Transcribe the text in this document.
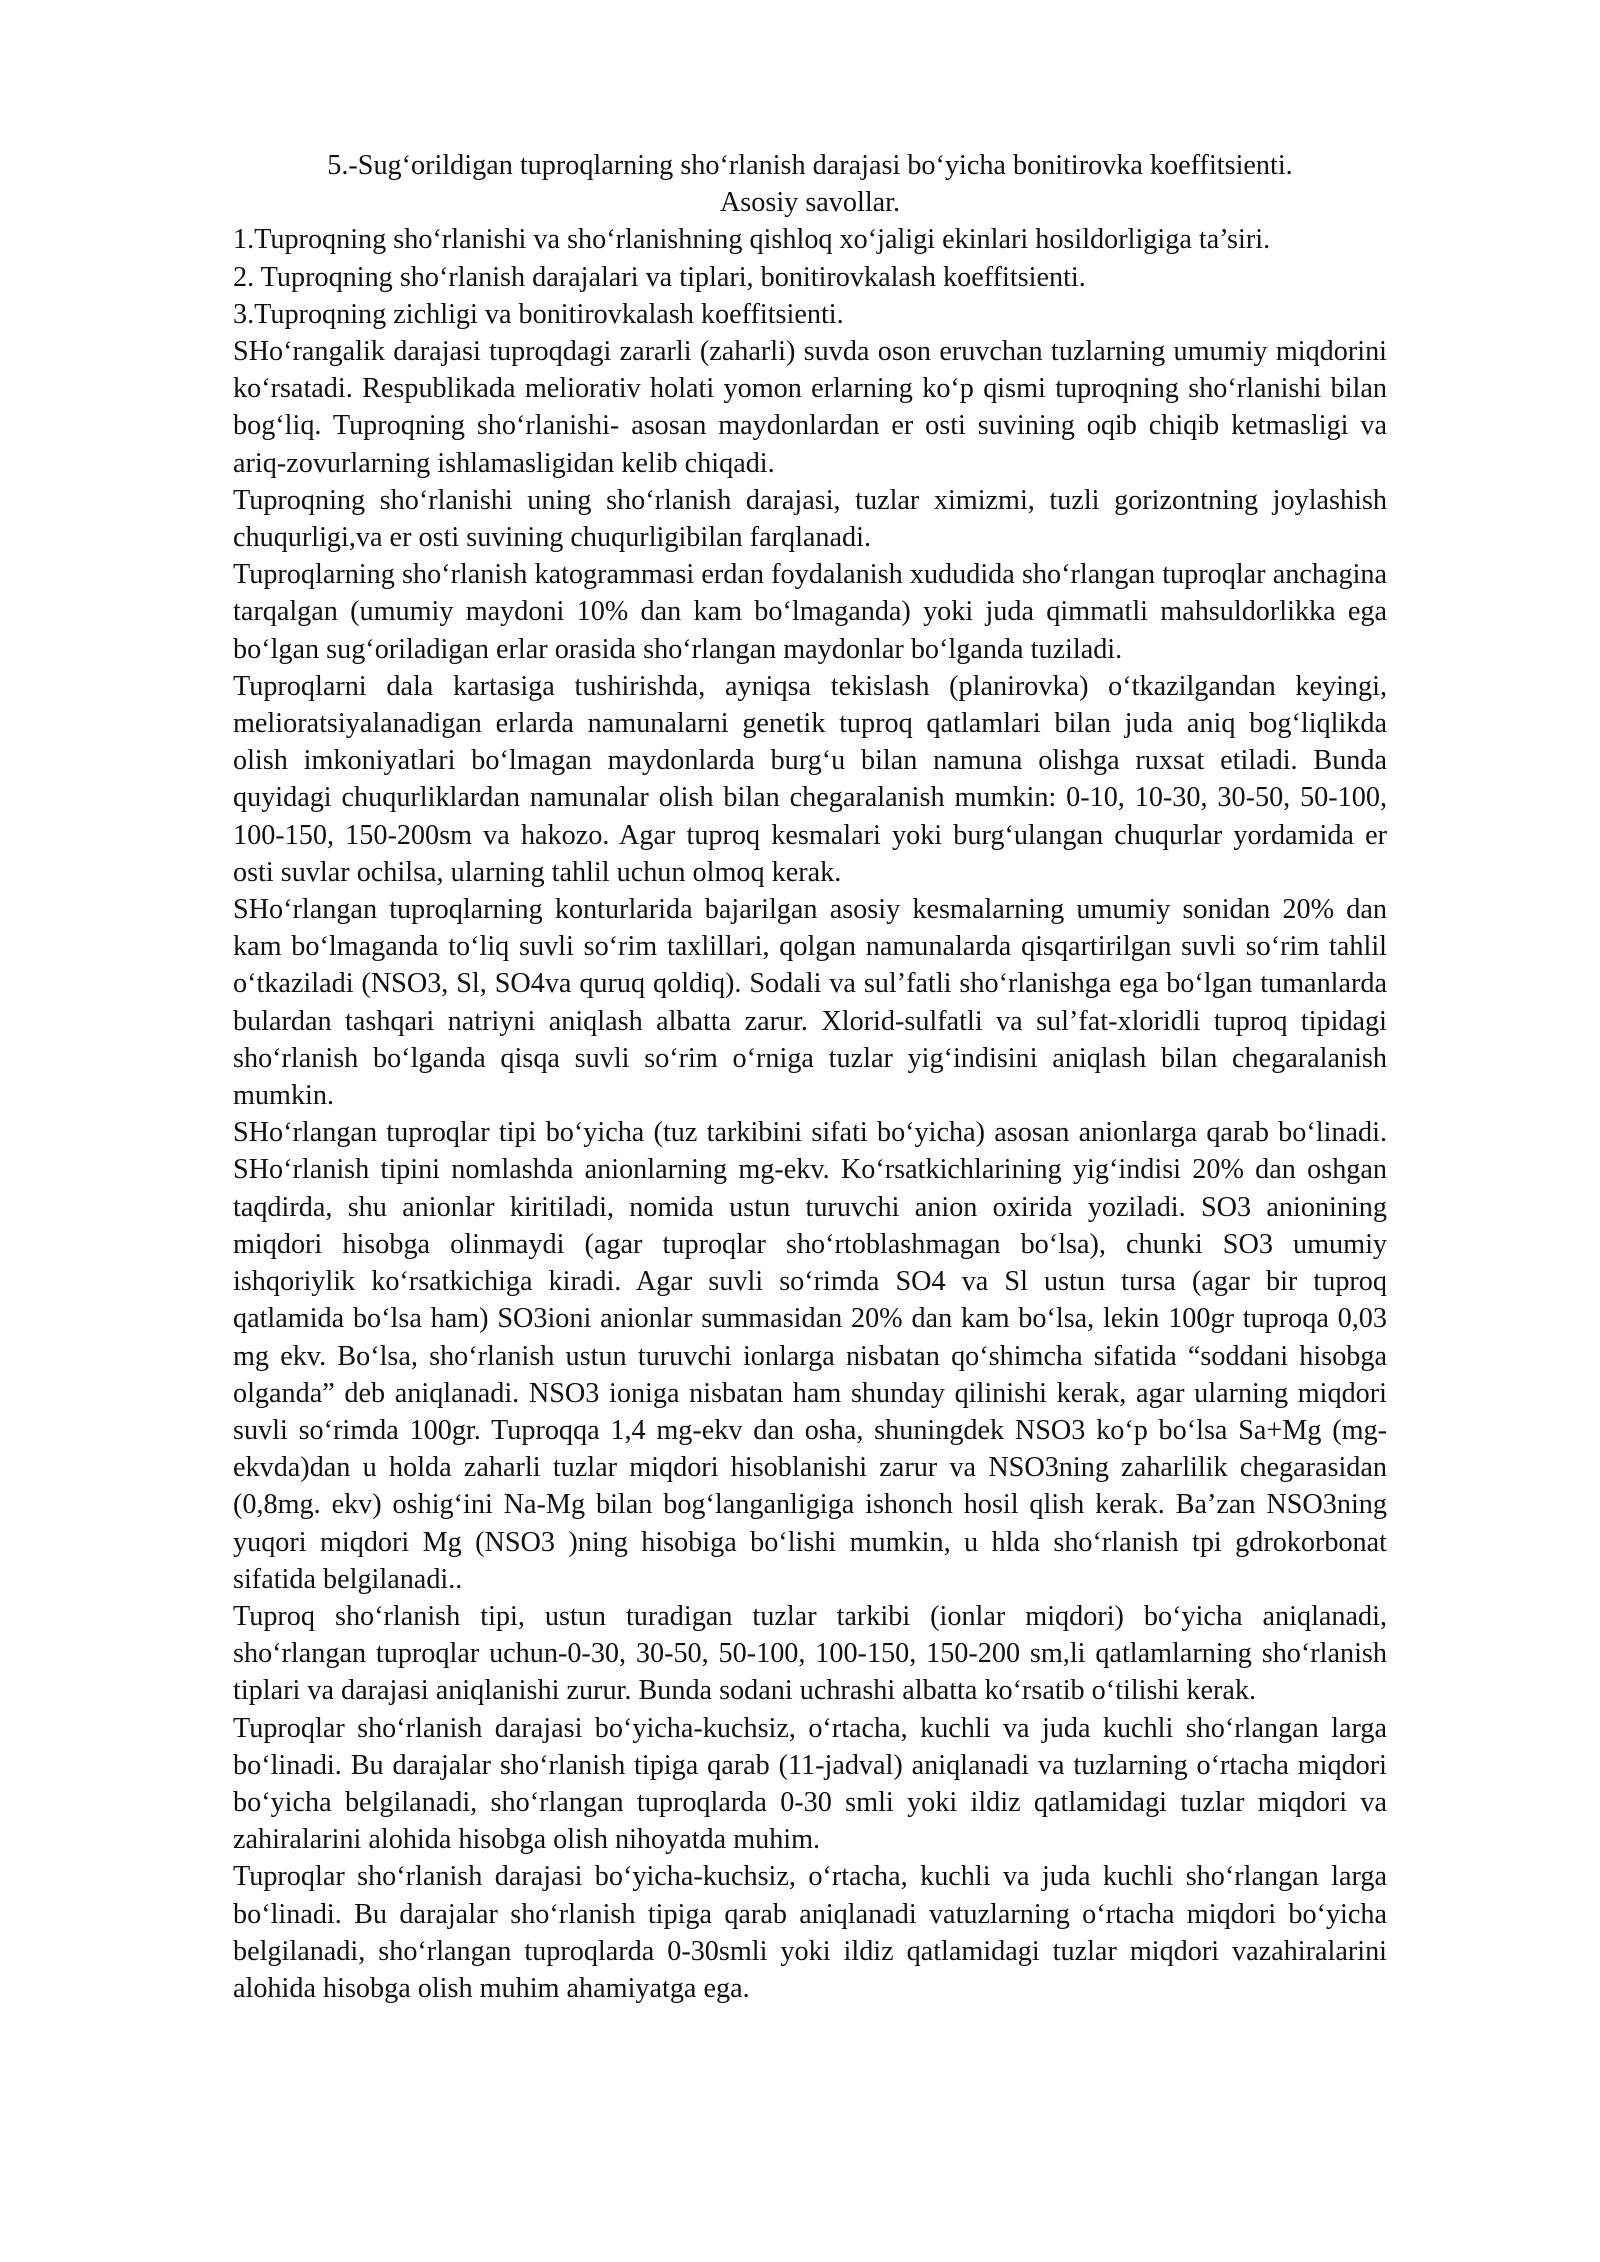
5.-Sug‘orildigan tuproqlarning sho‘rlanish darajasi bo‘yicha bonitirovka koeffitsienti.

Asosiy savollar.

1.Tuproqning sho‘rlanishi va sho‘rlanishning qishloq xo‘jaligi ekinlari hosildorligiga ta’siri.

2. Tuproqning sho‘rlanish darajalari va tiplari, bonitirovkalash koeffitsienti.

3.Tuproqning zichligi va bonitirovkalash koeffitsienti.

SHo‘rangalik darajasi tuproqdagi zararli (zaharli) suvda oson eruvchan tuzlarning umumiy miqdorini ko‘rsatadi. Respublikada meliorativ holati yomon erlarning ko‘p qismi tuproqning sho‘rlanishi bilan bog‘liq. Tuproqning sho‘rlanishi- asosan maydonlardan er osti suvining oqib chiqib ketmasligi va ariq-zovurlarning ishlamasligidan kelib chiqadi.

Tuproqning sho‘rlanishi uning sho‘rlanish darajasi, tuzlar ximizmi, tuzli gorizontning joylashish chuqurligi,va er osti suvining chuqurligibilan farqlanadi.

Tuproqlarning sho‘rlanish katogrammasi erdan foydalanish xududida sho‘rlangan tuproqlar anchagina tarqalgan (umumiy maydoni 10% dan kam bo‘lmaganda) yoki juda qimmatli mahsuldorlikka ega bo‘lgan sug‘oriladigan erlar orasida sho‘rlangan maydonlar bo‘lganda tuziladi.

Tuproqlarni dala kartasiga tushirishda, ayniqsa tekislash (planirovka) o‘tkazilgandan keyingi, melioratsiyalanadigan erlarda namunalarni genetik tuproq qatlamlari bilan juda aniq bog‘liqlikda olish imkoniyatlari bo‘lmagan maydonlarda burg‘u bilan namuna olishga ruxsat etiladi. Bunda quyidagi chuqurliklardan namunalar olish bilan chegaralanish mumkin: 0-10, 10-30, 30-50, 50-100, 100-150, 150-200sm va hakozo. Agar tuproq kesmalari yoki burg‘ulangan chuqurlar yordamida er osti suvlar ochilsa, ularning tahlil uchun olmoq kerak.

SHo‘rlangan tuproqlarning konturlarida bajarilgan asosiy kesmalarning umumiy sonidan 20% dan kam bo‘lmaganda to‘liq suvli so‘rim taxlillari, qolgan namunalarda qisqartirilgan suvli so‘rim tahlil o‘tkaziladi (NSO3, Sl, SO4va quruq qoldiq). Sodali va sul’fatli sho‘rlanishga ega bo‘lgan tumanlarda bulardan tashqari natriyni aniqlash albatta zarur. Xlorid-sulfatli va sul’fat-xloridli tuproq tipidagi sho‘rlanish bo‘lganda qisqa suvli so‘rim o‘rniga tuzlar yig‘indisini aniqlash bilan chegaralanish mumkin.

SHo‘rlangan tuproqlar tipi bo‘yicha (tuz tarkibini sifati bo‘yicha) asosan anionlarga qarab bo‘linadi. SHo‘rlanish tipini nomlashda anionlarning mg-ekv. Ko‘rsatkichlarining yig‘indisi 20% dan oshgan taqdirda, shu anionlar kiritiladi, nomida ustun turuvchi anion oxirida yoziladi. SO3 anionining miqdori hisobga olinmaydi (agar tuproqlar sho‘rtoblashmagan bo‘lsa), chunki SO3 umumiy ishqoriylik ko‘rsatkichiga kiradi. Agar suvli so‘rimda SO4 va Sl ustun tursa (agar bir tuproq qatlamida bo‘lsa ham) SO3ioni anionlar summasidan 20% dan kam bo‘lsa, lekin 100gr tuproqa 0,03 mg ekv. Bo‘lsa, sho‘rlanish ustun turuvchi ionlarga nisbatan qo‘shimcha sifatida “soddani hisobga olganda” deb aniqlanadi. NSO3 ioniga nisbatan ham shunday qilinishi kerak, agar ularning miqdori suvli so‘rimda 100gr. Tuproqqa 1,4 mg-ekv dan osha, shuningdek NSO3 ko‘p bo‘lsa Sa+Mg (mg-ekvda)dan u holda zaharli tuzlar miqdori hisoblanishi zarur va NSO3ning zaharlilik chegarasidan (0,8mg. ekv) oshig‘ini Na-Mg bilan bog‘langanligiga ishonch hosil qlish kerak. Ba’zan NSO3ning yuqori miqdori Mg (NSO3 )ning hisobiga bo‘lishi mumkin, u hlda sho‘rlanish tpi gdrokorbonat sifatida belgilanadi..

Tuproq sho‘rlanish tipi, ustun turadigan tuzlar tarkibi (ionlar miqdori) bo‘yicha aniqlanadi, sho‘rlangan tuproqlar uchun-0-30, 30-50, 50-100, 100-150, 150-200 sm,li qatlamlarning sho‘rlanish tiplari va darajasi aniqlanishi zurur. Bunda sodani uchrashi albatta ko‘rsatib o‘tilishi kerak.

Tuproqlar sho‘rlanish darajasi bo‘yicha-kuchsiz, o‘rtacha, kuchli va juda kuchli sho‘rlangan larga bo‘linadi. Bu darajalar sho‘rlanish tipiga qarab (11-jadval) aniqlanadi va tuzlarning o‘rtacha miqdori bo‘yicha belgilanadi, sho‘rlangan tuproqlarda 0-30 smli yoki ildiz qatlamidagi tuzlar miqdori va zahiralarini alohida hisobga olish nihoyatda muhim.

Tuproqlar sho‘rlanish darajasi bo‘yicha-kuchsiz, o‘rtacha, kuchli va juda kuchli sho‘rlangan larga bo‘linadi. Bu darajalar sho‘rlanish tipiga qarab aniqlanadi vatuzlarning o‘rtacha miqdori bo‘yicha belgilanadi, sho‘rlangan tuproqlarda 0-30smli yoki ildiz qatlamidagi tuzlar miqdori vazahiralarini alohida hisobga olish muhim ahamiyatga ega.
